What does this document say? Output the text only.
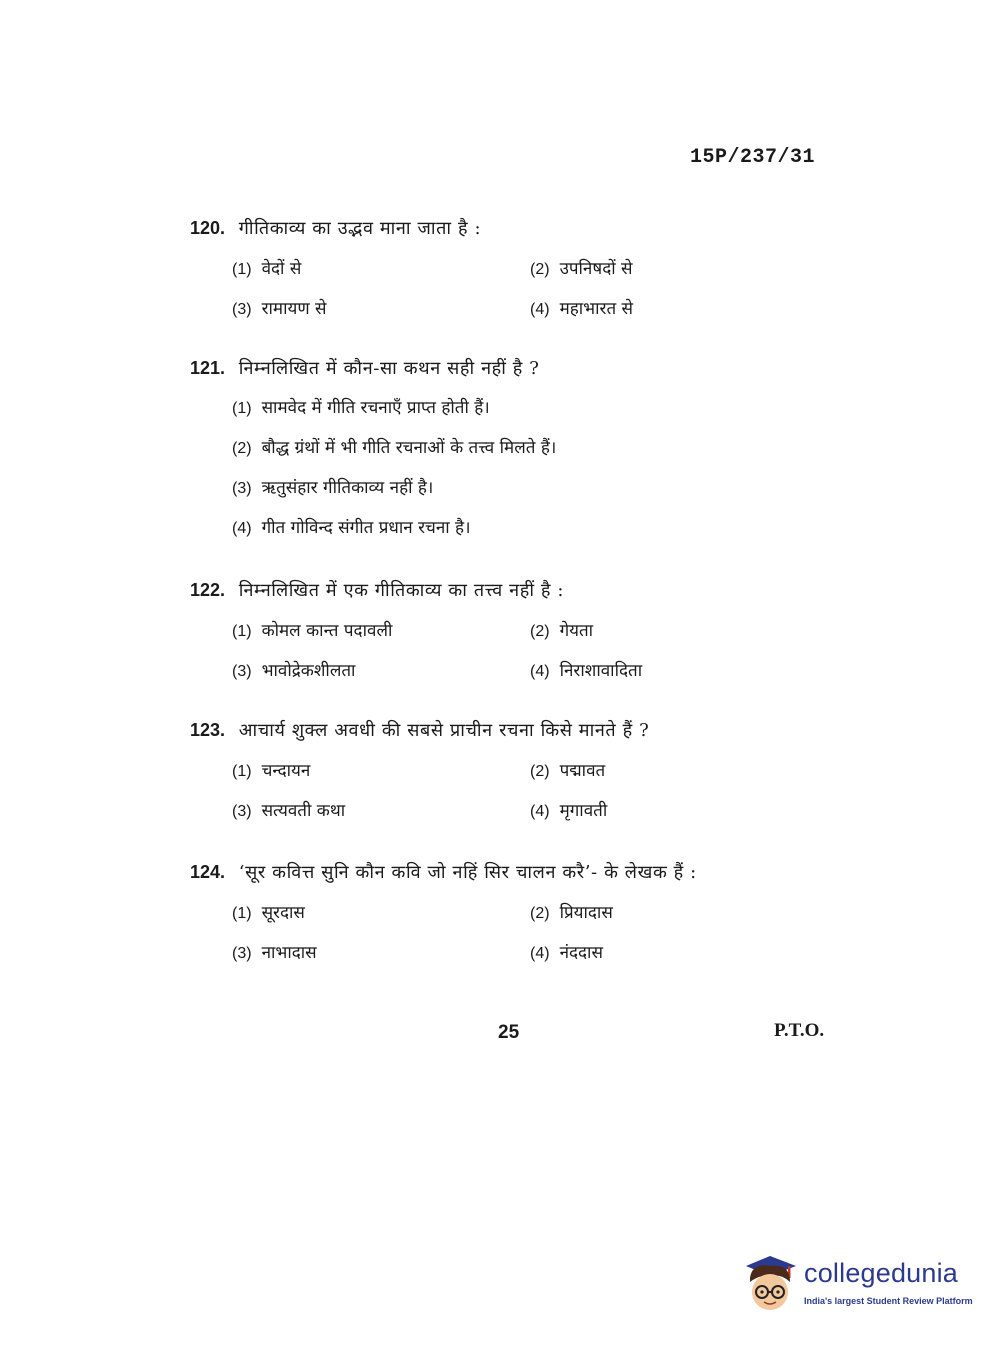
15P/237/31
120. गीतिकाव्य का उद्भव माना जाता है :
(1) वेदों से	(2) उपनिषदों से
(3) रामायण से	(4) महाभारत से
121. निम्नलिखित में कौन-सा कथन सही नहीं है ?
(1) सामवेद में गीति रचनाएँ प्राप्त होती हैं।
(2) बौद्ध ग्रंथों में भी गीति रचनाओं के तत्त्व मिलते हैं।
(3) ऋतुसंहार गीतिकाव्य नहीं है।
(4) गीत गोविन्द संगीत प्रधान रचना है।
122. निम्नलिखित में एक गीतिकाव्य का तत्त्व नहीं है :
(1) कोमल कान्त पदावली	(2) गेयता
(3) भावोद्रेकशीलता	(4) निराशावादिता
123. आचार्य शुक्ल अवधी की सबसे प्राचीन रचना किसे मानते हैं ?
(1) चन्दायन	(2) पद्मावत
(3) सत्यवती कथा	(4) मृगावती
124. ‘सूर कवित्त सुनि कौन कवि जो नहिं सिर चालन करै’- के लेखक हैं :
(1) सूरदास	(2) प्रियादास
(3) नाभादास	(4) नंददास
25	P.T.O.
collegedunia
India's largest Student Review Platform
